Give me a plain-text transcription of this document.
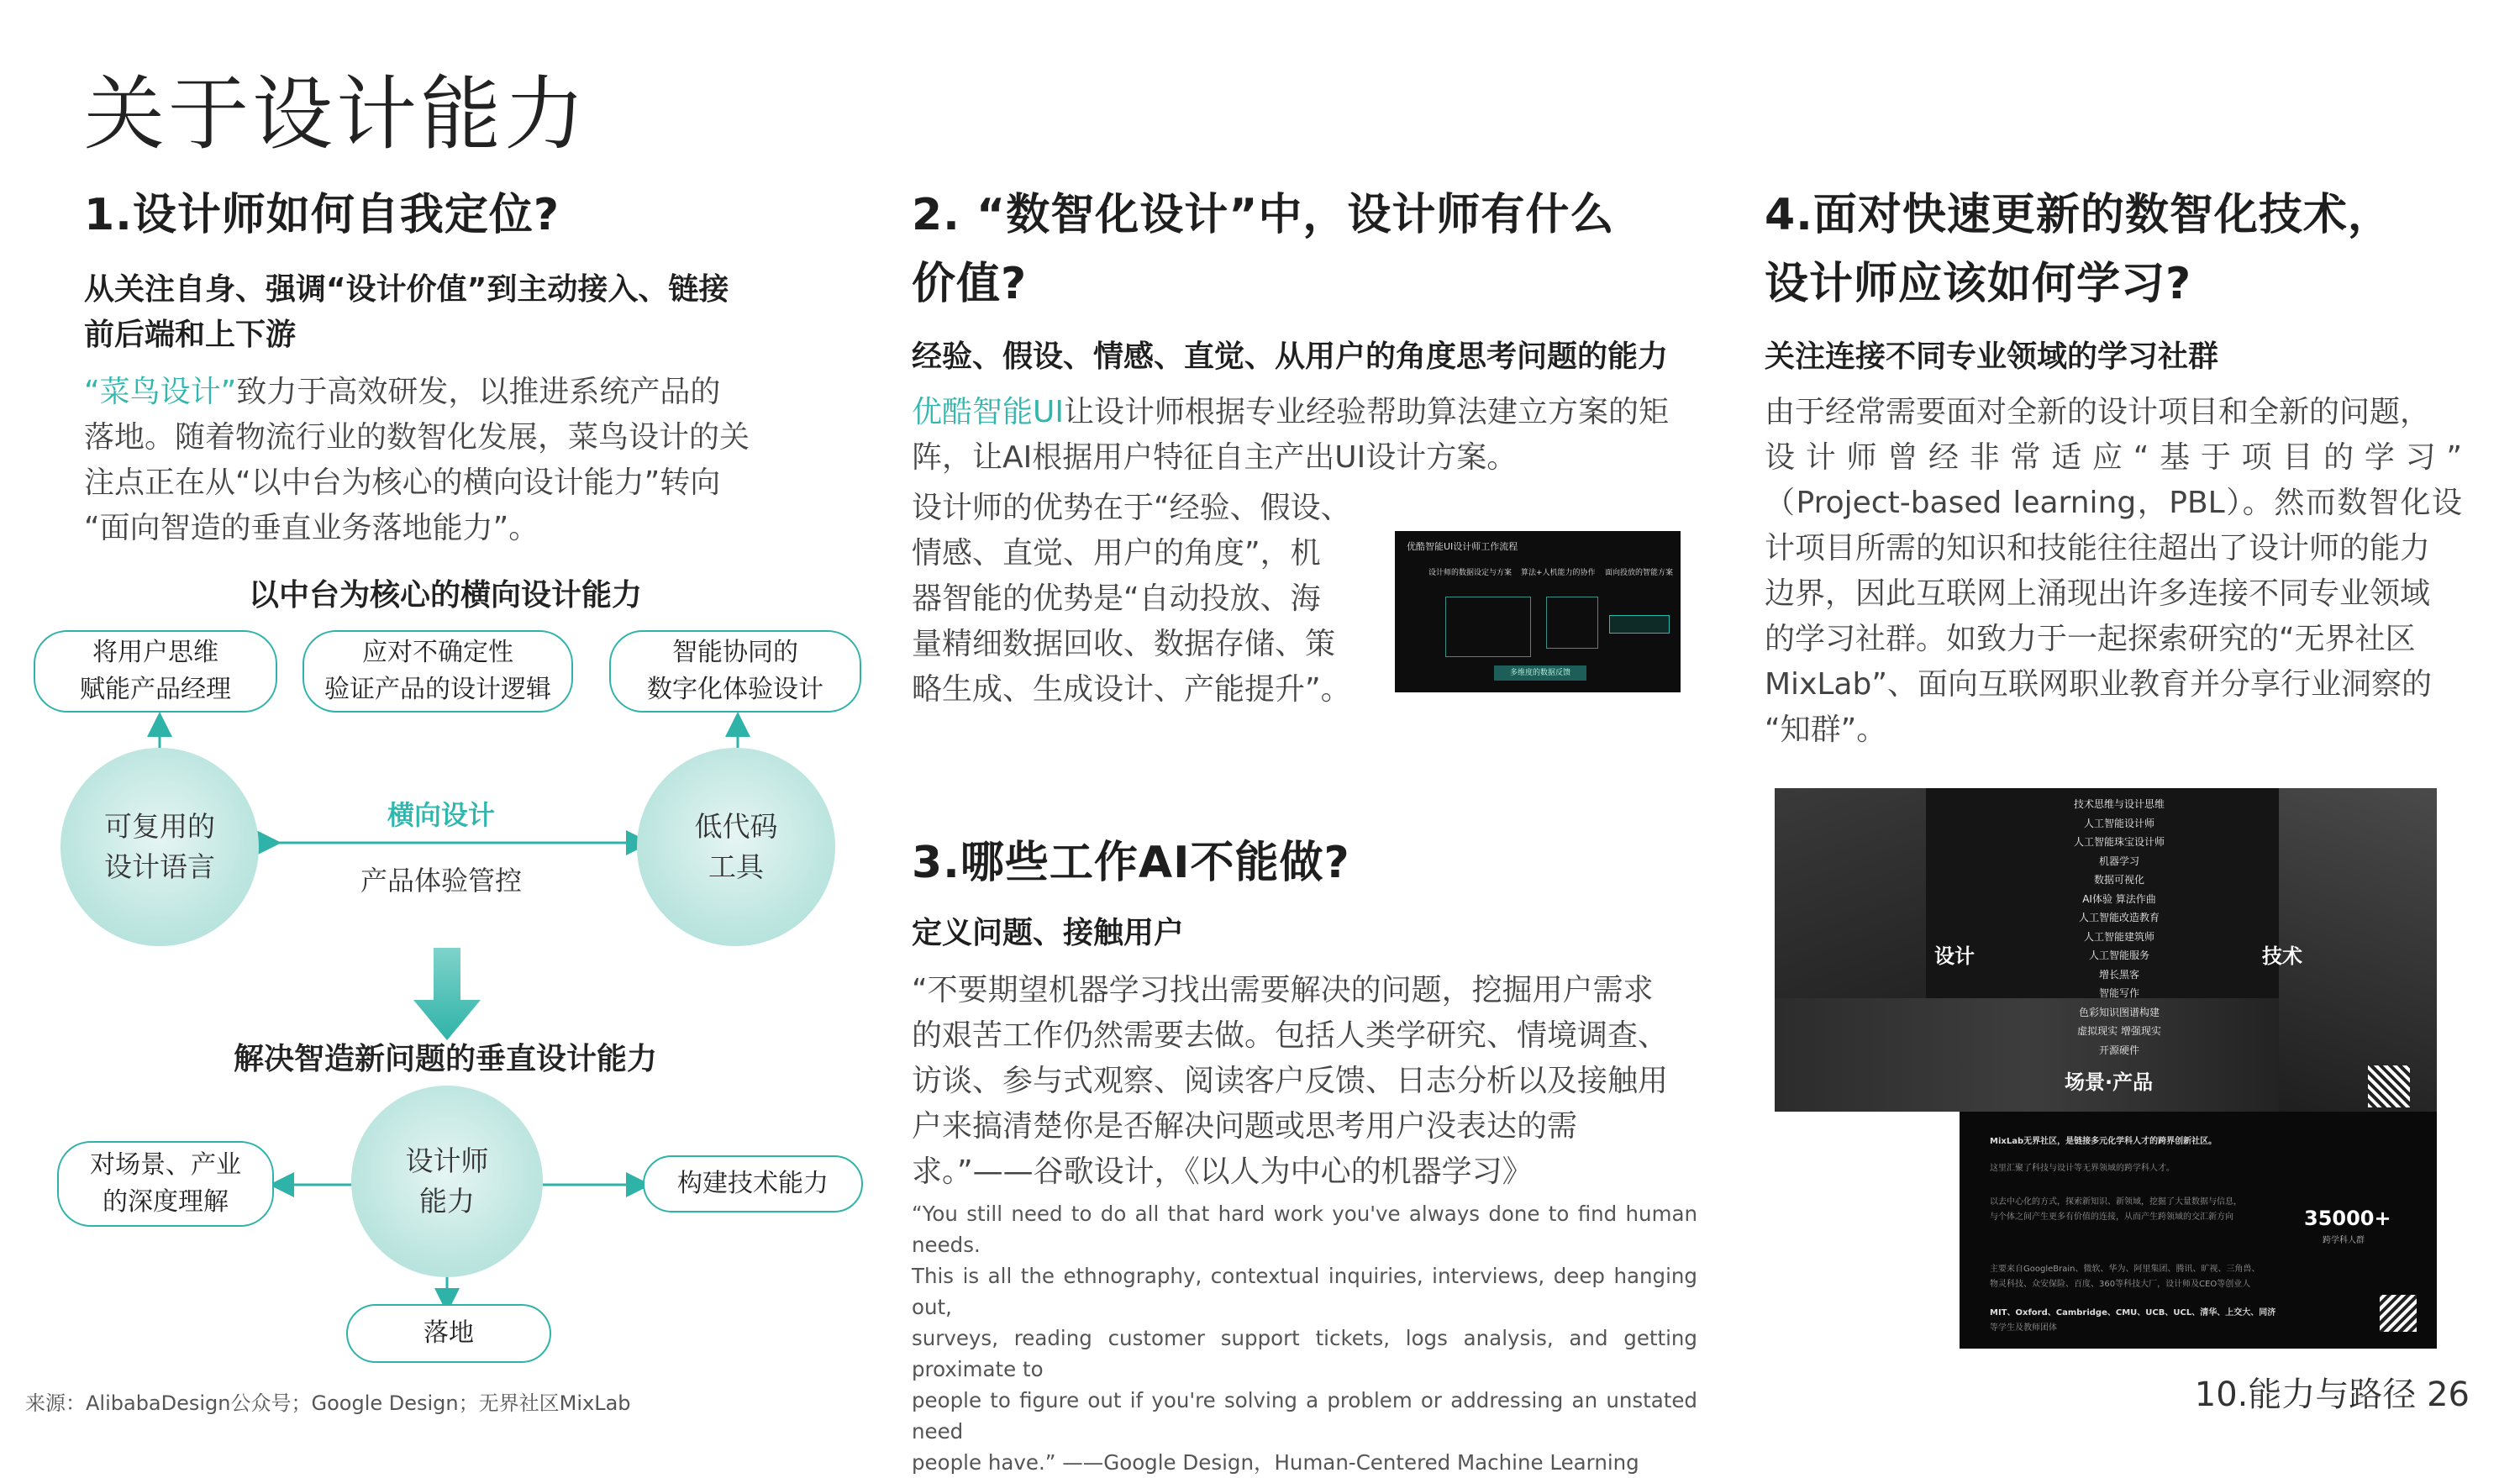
关于设计能力
1.设计师如何自我定位?
从关注自身、强调“设计价值”到主动接入、链接
前后端和上下游
“菜鸟设计”致力于高效研发，以推进系统产品的
落地。随着物流行业的数智化发展，菜鸟设计的关
注点正在从“以中台为核心的横向设计能力”转向
“面向智造的垂直业务落地能力”。
以中台为核心的横向设计能力
将用户思维
赋能产品经理
应对不确定性
验证产品的设计逻辑
智能协同的
数字化体验设计
可复用的
设计语言
低代码
工具
横向设计
产品体验管控
解决智造新问题的垂直设计能力
对场景、产业
的深度理解
设计师
能力
构建技术能力
落地
2. “数智化设计”中，设计师有什么
价值?
经验、假设、情感、直觉、从用户的角度思考问题的能力
优酷智能UI让设计师根据专业经验帮助算法建立方案的矩
阵，让AI根据用户特征自主产出UI设计方案。
设计师的优势在于“经验、假设、
情感、直觉、用户的角度”，机
器智能的优势是“自动投放、海
量精细数据回收、数据存储、策
略生成、生成设计、产能提升”。
优酷智能UI设计师工作流程
设计师的数据设定与方案 算法+人机能力的协作 面向投放的智能方案
多维度的数据反馈
3.哪些工作AI不能做?
定义问题、接触用户
“不要期望机器学习找出需要解决的问题，挖掘用户需求
的艰苦工作仍然需要去做。包括人类学研究、情境调查、
访谈、参与式观察、阅读客户反馈、日志分析以及接触用
户来搞清楚你是否解决问题或思考用户没表达的需
求。”——谷歌设计，《以人为中心的机器学习》
“You still need to do all that hard work you've always done to find human needs.
This is all the ethnography, contextual inquiries, interviews, deep hanging out,
surveys, reading customer support tickets, logs analysis, and getting proximate to
people to figure out if you're solving a problem or addressing an unstated need
people have.” ——Google Design，Human-Centered Machine Learning
4.面对快速更新的数智化技术，
设计师应该如何学习?
关注连接不同专业领域的学习社群
由于经常需要面对全新的设计项目和全新的问题，
设计师曾经非常适应“基于项目的学习”
（Project-based learning，PBL）。然而数智化设
计项目所需的知识和技能往往超出了设计师的能力
边界，因此互联网上涌现出许多连接不同专业领域
的学习社群。如致力于一起探索研究的“无界社区
MixLab”、面向互联网职业教育并分享行业洞察的
“知群”。
技术思维与设计思维
人工智能设计师
人工智能珠宝设计师
机器学习
数据可视化
AI体验 算法作曲
人工智能改造教育
人工智能建筑师
人工智能服务
增长黑客
智能写作
色彩知识图谱构建
虚拟现实 增强现实
开源硬件
设计	技术
场景·产品
MixLab无界社区，是链接多元化学科人才的跨界创新社区。
这里汇聚了科技与设计等无界领域的跨学科人才。
以去中心化的方式，探索新知识、新领域，挖掘了大量数据与信息，
与个体之间产生更多有价值的连接，从而产生跨领域的交汇新方向	35000+
跨学科人群
主要来自GoogleBrain、微软、华为、阿里集团、腾讯、旷视、三角兽、
物灵科技、众安保险、百度、360等科技大厂，设计师及CEO等创业人
MIT、Oxford、Cambridge、CMU、UCB、UCL、清华、上交大、同济
等学生及教师团体
来源：AlibabaDesign公众号；Google Design；无界社区MixLab	10.能力与路径 26
